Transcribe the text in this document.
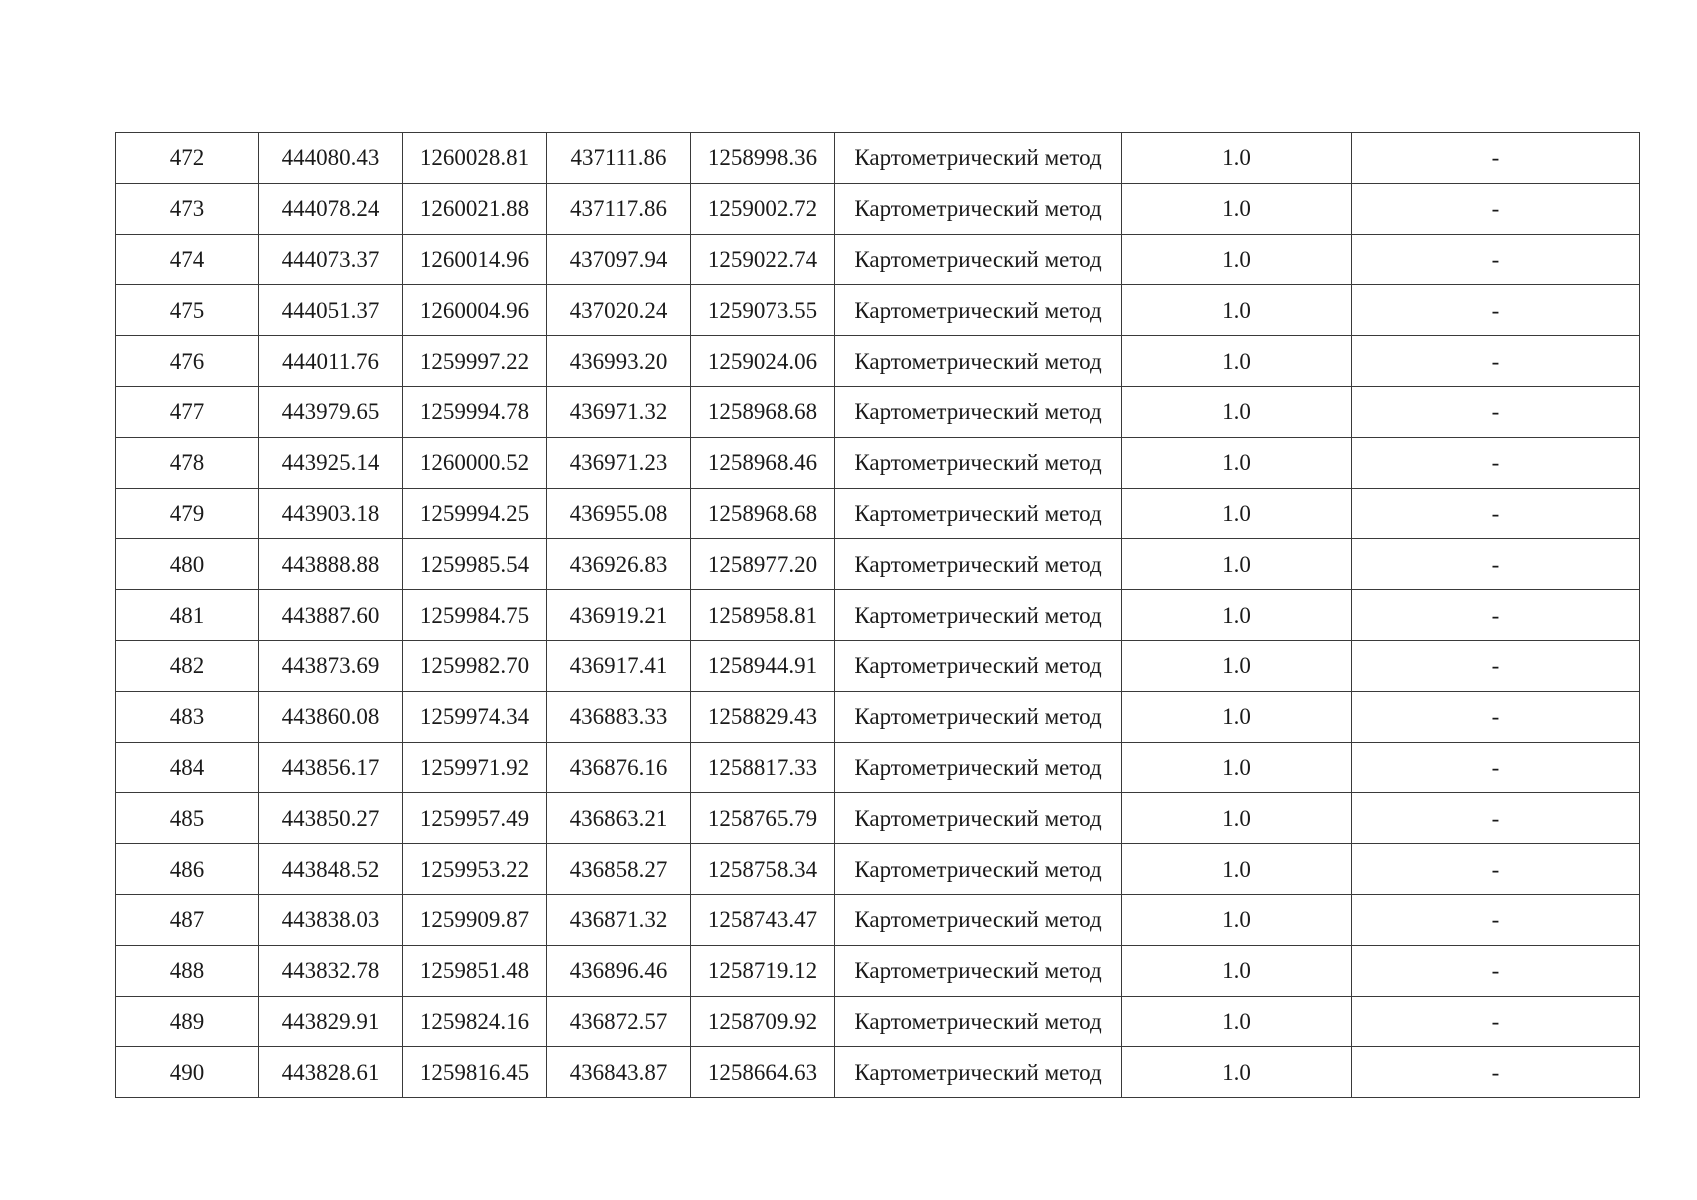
472	444080.43	1260028.81	437111.86	1258998.36	Картометрический метод	1.0	-
473	444078.24	1260021.88	437117.86	1259002.72	Картометрический метод	1.0	-
474	444073.37	1260014.96	437097.94	1259022.74	Картометрический метод	1.0	-
475	444051.37	1260004.96	437020.24	1259073.55	Картометрический метод	1.0	-
476	444011.76	1259997.22	436993.20	1259024.06	Картометрический метод	1.0	-
477	443979.65	1259994.78	436971.32	1258968.68	Картометрический метод	1.0	-
478	443925.14	1260000.52	436971.23	1258968.46	Картометрический метод	1.0	-
479	443903.18	1259994.25	436955.08	1258968.68	Картометрический метод	1.0	-
480	443888.88	1259985.54	436926.83	1258977.20	Картометрический метод	1.0	-
481	443887.60	1259984.75	436919.21	1258958.81	Картометрический метод	1.0	-
482	443873.69	1259982.70	436917.41	1258944.91	Картометрический метод	1.0	-
483	443860.08	1259974.34	436883.33	1258829.43	Картометрический метод	1.0	-
484	443856.17	1259971.92	436876.16	1258817.33	Картометрический метод	1.0	-
485	443850.27	1259957.49	436863.21	1258765.79	Картометрический метод	1.0	-
486	443848.52	1259953.22	436858.27	1258758.34	Картометрический метод	1.0	-
487	443838.03	1259909.87	436871.32	1258743.47	Картометрический метод	1.0	-
488	443832.78	1259851.48	436896.46	1258719.12	Картометрический метод	1.0	-
489	443829.91	1259824.16	436872.57	1258709.92	Картометрический метод	1.0	-
490	443828.61	1259816.45	436843.87	1258664.63	Картометрический метод	1.0	-
